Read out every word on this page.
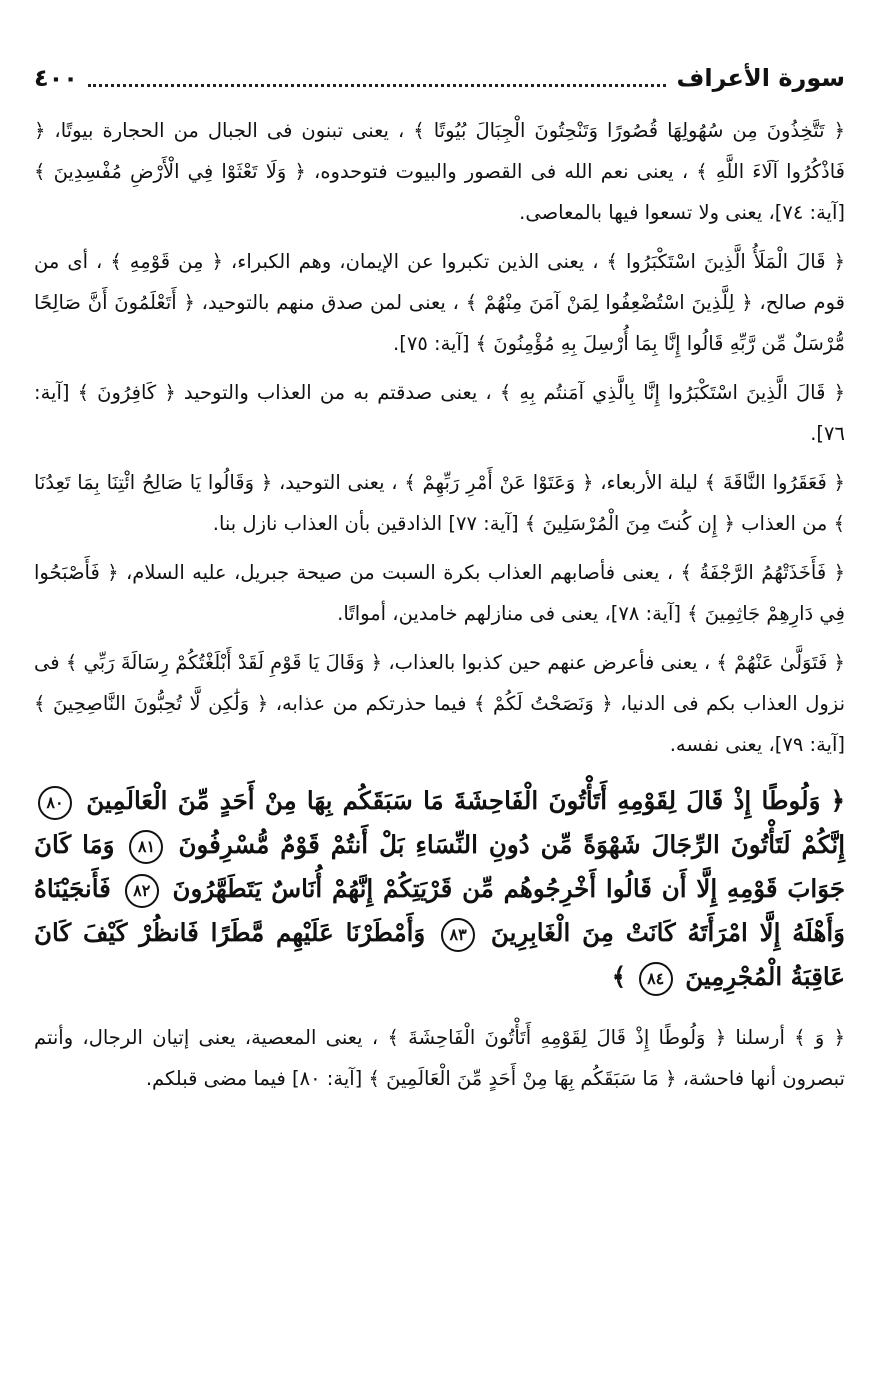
سورة الأعراف
٤٠٠

﴿ تَتَّخِذُونَ مِن سُهُولِهَا قُصُورًا وَتَنْحِتُونَ الْجِبَالَ بُيُوتًا ﴾ ، يعنى تبنون فى الجبال من الحجارة بيوتًا، ﴿ فَاذْكُرُوا آلَاءَ اللَّهِ ﴾ ، يعنى نعم الله فى القصور والبيوت فتوحدوه، ﴿ وَلَا تَعْثَوْا فِي الْأَرْضِ مُفْسِدِينَ ﴾ [آية: ٧٤]، يعنى ولا تسعوا فيها بالمعاصى.

﴿ قَالَ الْمَلَأُ الَّذِينَ اسْتَكْبَرُوا ﴾ ، يعنى الذين تكبروا عن الإيمان، وهم الكبراء، ﴿ مِن قَوْمِهِ ﴾ ، أى من قوم صالح، ﴿ لِلَّذِينَ اسْتُضْعِفُوا لِمَنْ آمَنَ مِنْهُمْ ﴾ ، يعنى لمن صدق منهم بالتوحيد، ﴿ أَتَعْلَمُونَ أَنَّ صَالِحًا مُّرْسَلٌ مِّن رَّبِّهِ قَالُوا إِنَّا بِمَا أُرْسِلَ بِهِ مُؤْمِنُونَ ﴾ [آية: ٧٥].

﴿ قَالَ الَّذِينَ اسْتَكْبَرُوا إِنَّا بِالَّذِي آمَنتُم بِهِ ﴾ ، يعنى صدقتم به من العذاب والتوحيد ﴿ كَافِرُونَ ﴾ [آية: ٧٦].

﴿ فَعَقَرُوا النَّاقَةَ ﴾ ليلة الأربعاء، ﴿ وَعَتَوْا عَنْ أَمْرِ رَبِّهِمْ ﴾ ، يعنى التوحيد، ﴿ وَقَالُوا يَا صَالِحُ ائْتِنَا بِمَا تَعِدُنَا ﴾ من العذاب ﴿ إِن كُنتَ مِنَ الْمُرْسَلِينَ ﴾ [آية: ٧٧] الذادقين بأن العذاب نازل بنا.

﴿ فَأَخَذَتْهُمُ الرَّجْفَةُ ﴾ ، يعنى فأصابهم العذاب بكرة السبت من صيحة جبريل، عليه السلام، ﴿ فَأَصْبَحُوا فِي دَارِهِمْ جَاثِمِينَ ﴾ [آية: ٧٨]، يعنى فى منازلهم خامدين، أمواتًا.

﴿ فَتَوَلَّىٰ عَنْهُمْ ﴾ ، يعنى فأعرض عنهم حين كذبوا بالعذاب، ﴿ وَقَالَ يَا قَوْمِ لَقَدْ أَبْلَغْتُكُمْ رِسَالَةَ رَبِّي ﴾ فى نزول العذاب بكم فى الدنيا، ﴿ وَنَصَحْتُ لَكُمْ ﴾ فيما حذرتكم من عذابه، ﴿ وَلَٰكِن لَّا تُحِبُّونَ النَّاصِحِينَ ﴾ [آية: ٧٩]، يعنى نفسه.

﴿ وَلُوطًا إِذْ قَالَ لِقَوْمِهِ أَتَأْتُونَ الْفَاحِشَةَ مَا سَبَقَكُم بِهَا مِنْ أَحَدٍ مِّنَ الْعَالَمِينَ ٨٠ إِنَّكُمْ لَتَأْتُونَ الرِّجَالَ شَهْوَةً مِّن دُونِ النِّسَاءِ بَلْ أَنتُمْ قَوْمٌ مُّسْرِفُونَ ٨١ وَمَا كَانَ جَوَابَ قَوْمِهِ إِلَّا أَن قَالُوا أَخْرِجُوهُم مِّن قَرْيَتِكُمْ إِنَّهُمْ أُنَاسٌ يَتَطَهَّرُونَ ٨٢ فَأَنجَيْنَاهُ وَأَهْلَهُ إِلَّا امْرَأَتَهُ كَانَتْ مِنَ الْغَابِرِينَ ٨٣ وَأَمْطَرْنَا عَلَيْهِم مَّطَرًا فَانظُرْ كَيْفَ كَانَ عَاقِبَةُ الْمُجْرِمِينَ ٨٤ ﴾

﴿ وَ ﴾ أرسلنا ﴿ وَلُوطًا إِذْ قَالَ لِقَوْمِهِ أَتَأْتُونَ الْفَاحِشَةَ ﴾ ، يعنى المعصية، يعنى إتيان الرجال، وأنتم تبصرون أنها فاحشة، ﴿ مَا سَبَقَكُم بِهَا مِنْ أَحَدٍ مِّنَ الْعَالَمِينَ ﴾ [آية: ٨٠] فيما مضى قبلكم.
